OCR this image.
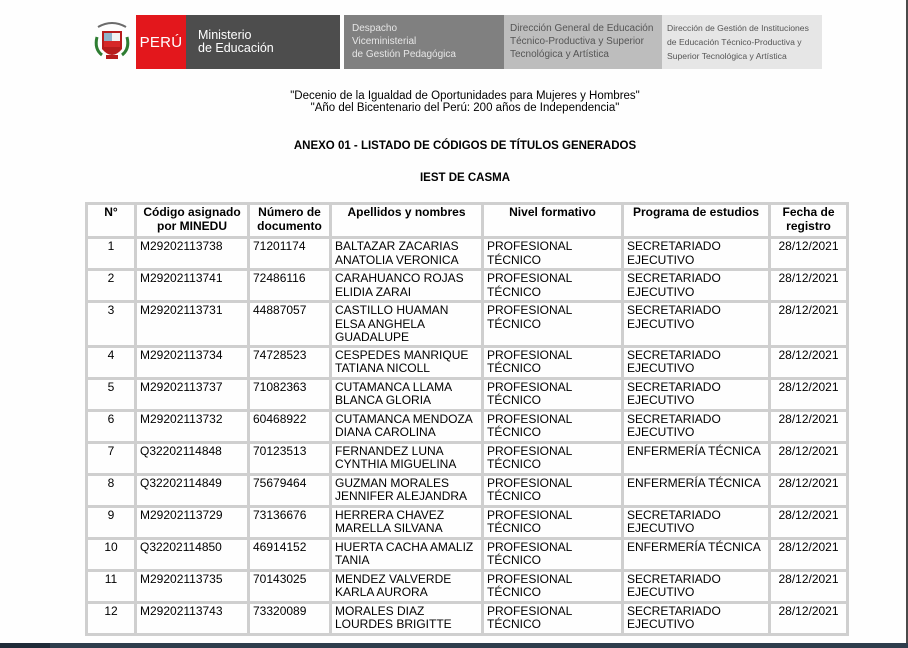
PERÚ Ministerio
de Educación
Despacho
Viceministerial
de Gestión Pedagógica
Dirección General de Educación
Técnico-Productiva y Superior
Tecnológica y Artística
Dirección de Gestión de Instituciones
de Educación Técnico-Productiva y
Superior Tecnológica y Artística
"Decenio de la Igualdad de Oportunidades para Mujeres y Hombres"
"Año del Bicentenario del Perú: 200 años de Independencia"
ANEXO 01 - LISTADO DE CÓDIGOS DE TÍTULOS GENERADOS
IEST DE CASMA
N°	Código asignado por MINEDU	Número de documento	Apellidos y nombres	Nivel formativo	Programa de estudios	Fecha de registro
1	M29202113738	71201174	BALTAZAR ZACARIAS ANATOLIA VERONICA	PROFESIONAL TÉCNICO	SECRETARIADO EJECUTIVO	28/12/2021
2	M29202113741	72486116	CARAHUANCO ROJAS ELIDIA ZARAI	PROFESIONAL TÉCNICO	SECRETARIADO EJECUTIVO	28/12/2021
3	M29202113731	44887057	CASTILLO HUAMAN ELSA ANGHELA GUADALUPE	PROFESIONAL TÉCNICO	SECRETARIADO EJECUTIVO	28/12/2021
4	M29202113734	74728523	CESPEDES MANRIQUE TATIANA NICOLL	PROFESIONAL TÉCNICO	SECRETARIADO EJECUTIVO	28/12/2021
5	M29202113737	71082363	CUTAMANCA LLAMA BLANCA GLORIA	PROFESIONAL TÉCNICO	SECRETARIADO EJECUTIVO	28/12/2021
6	M29202113732	60468922	CUTAMANCA MENDOZA DIANA CAROLINA	PROFESIONAL TÉCNICO	SECRETARIADO EJECUTIVO	28/12/2021
7	Q32202114848	70123513	FERNANDEZ LUNA CYNTHIA MIGUELINA	PROFESIONAL TÉCNICO	ENFERMERÍA TÉCNICA	28/12/2021
8	Q32202114849	75679464	GUZMAN MORALES JENNIFER ALEJANDRA	PROFESIONAL TÉCNICO	ENFERMERÍA TÉCNICA	28/12/2021
9	M29202113729	73136676	HERRERA CHAVEZ MARELLA SILVANA	PROFESIONAL TÉCNICO	SECRETARIADO EJECUTIVO	28/12/2021
10	Q32202114850	46914152	HUERTA CACHA AMALIZ TANIA	PROFESIONAL TÉCNICO	ENFERMERÍA TÉCNICA	28/12/2021
11	M29202113735	70143025	MENDEZ VALVERDE KARLA AURORA	PROFESIONAL TÉCNICO	SECRETARIADO EJECUTIVO	28/12/2021
12	M29202113743	73320089	MORALES DIAZ LOURDES BRIGITTE	PROFESIONAL TÉCNICO	SECRETARIADO EJECUTIVO	28/12/2021
